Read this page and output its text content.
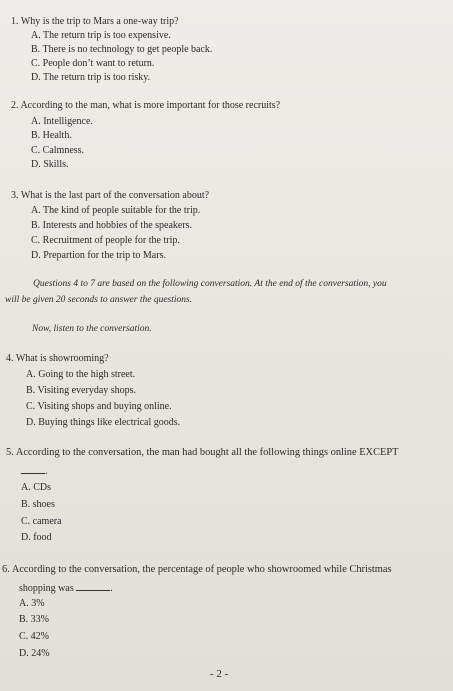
1. Why is the trip to Mars a one-way trip?
A. The return trip is too expensive.
B. There is no technology to get people back.
C. People don’t want to return.
D. The return trip is too risky.
2. According to the man, what is more important for those recruits?
A. Intelligence.
B. Health.
C. Calmness.
D. Skills.
3. What is the last part of the conversation about?
A. The kind of people suitable for the trip.
B. Interests and hobbies of the speakers.
C. Recruitment of people for the trip.
D. Prepartion for the trip to Mars.
Questions 4 to 7 are based on the following conversation. At the end of the conversation, you
will be given 20 seconds to answer the questions.
Now, listen to the conversation.
4. What is showrooming?
A. Going to the high street.
B. Visiting everyday shops.
C. Visiting shops and buying online.
D. Buying things like electrical goods.
5. According to the conversation, the man had bought all the following things online EXCEPT
.
A. CDs
B. shoes
C. camera
D. food
6. According to the conversation, the percentage of people who showroomed while Christmas
shopping was	.
A. 3%
B. 33%
C. 42%
D. 24%
- 2 -
